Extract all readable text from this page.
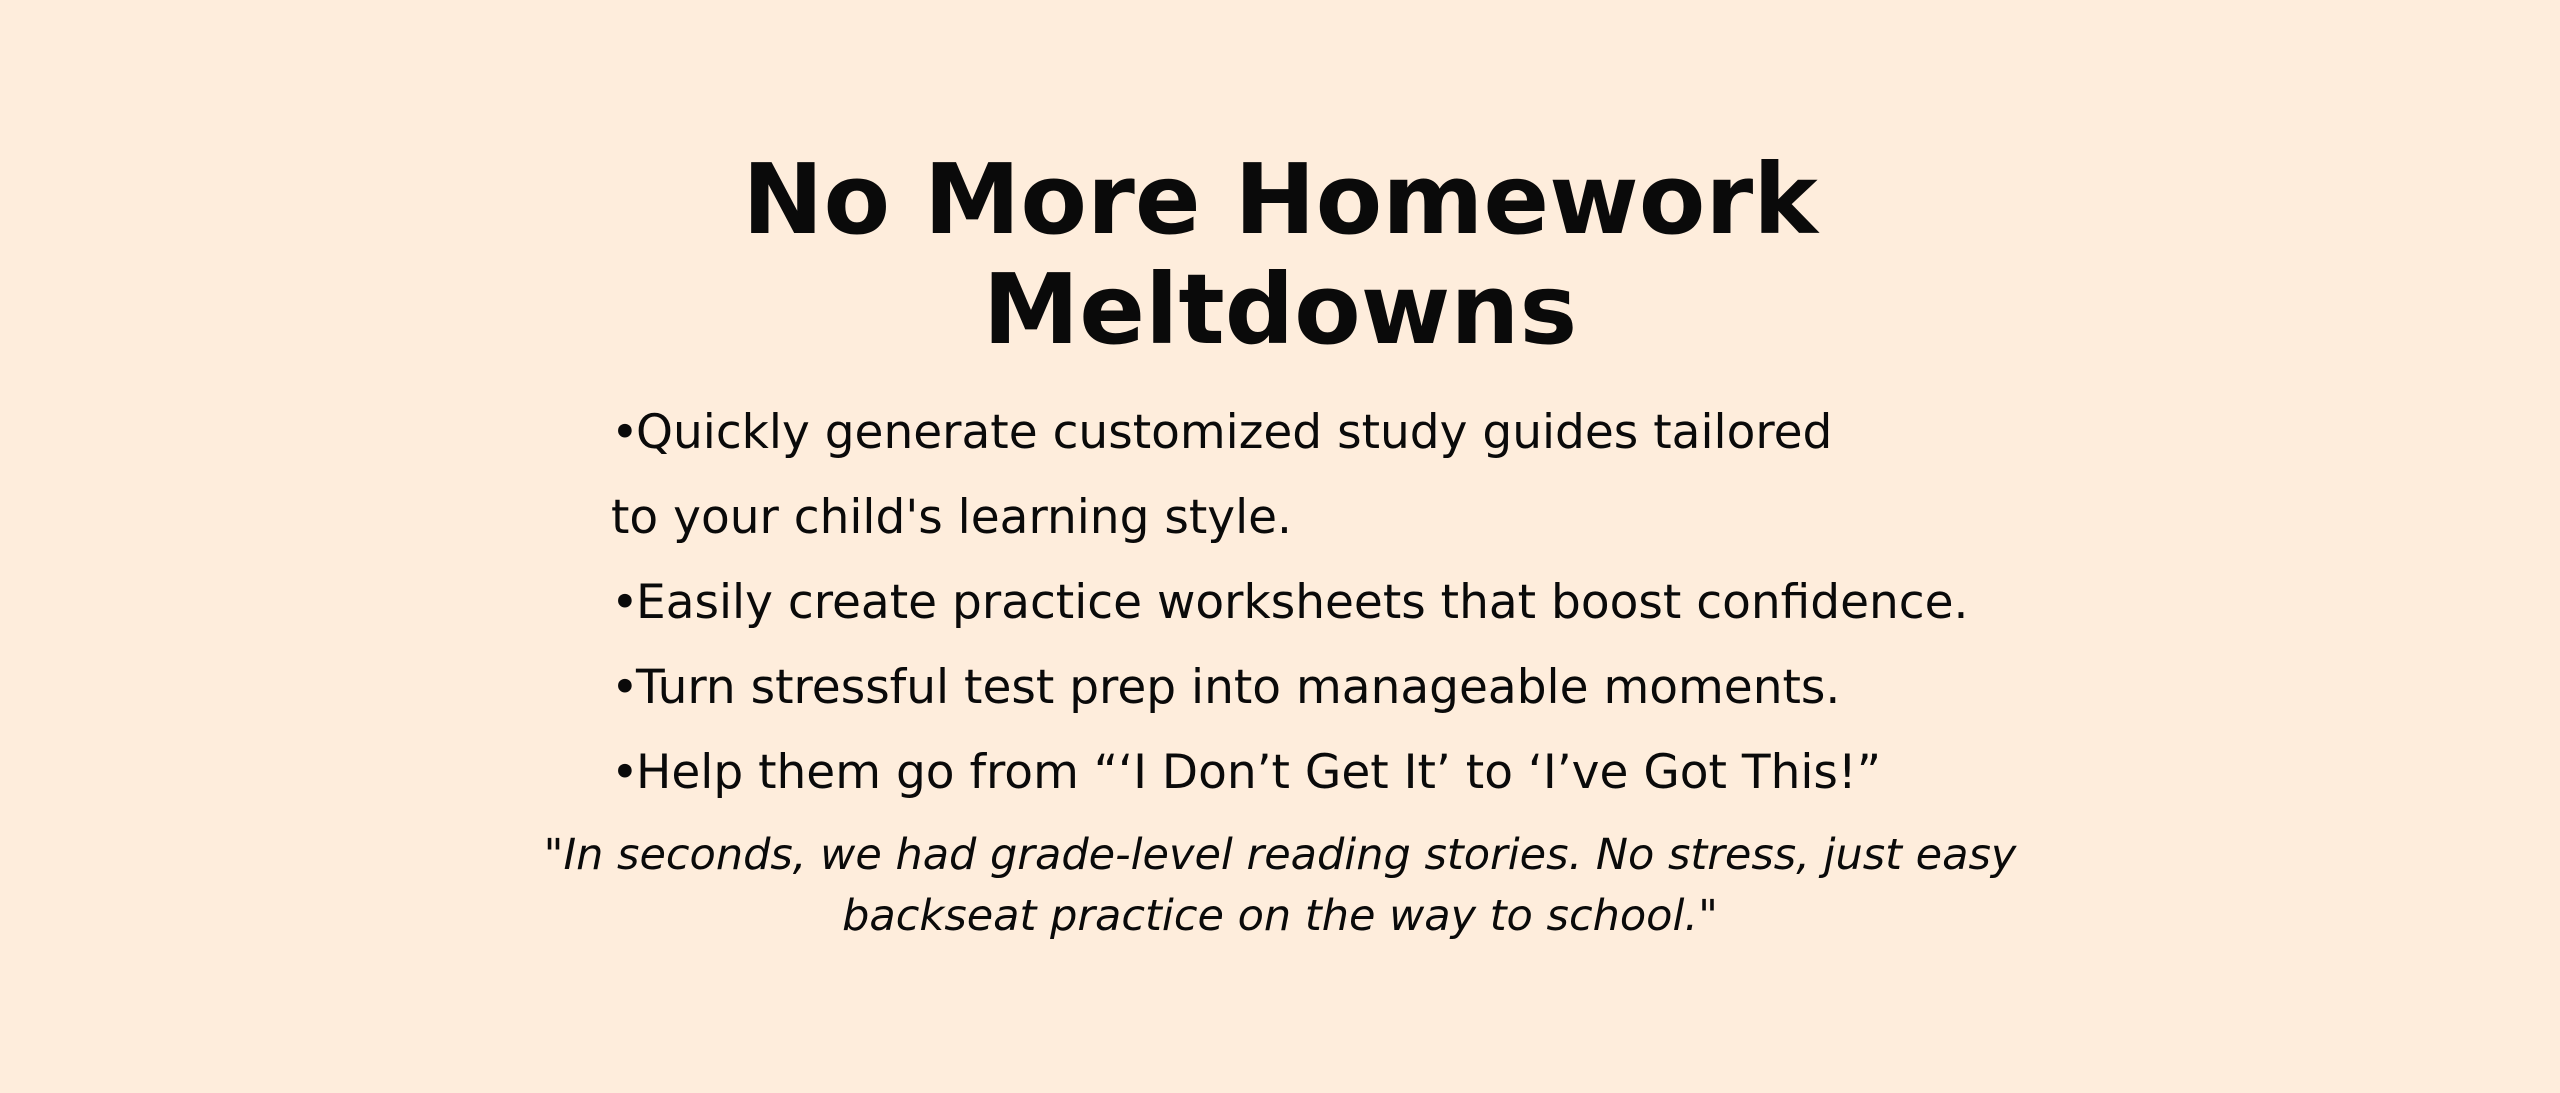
No More Homework
Meltdowns
•Quickly generate customized study guides tailored
to your child's learning style.
•Easily create practice worksheets that boost confidence.
•Turn stressful test prep into manageable moments.
•Help them go from “‘I Don’t Get It’ to ‘I’ve Got This!”

"In seconds, we had grade-level reading stories. No stress, just easy
backseat practice on the way to school."
